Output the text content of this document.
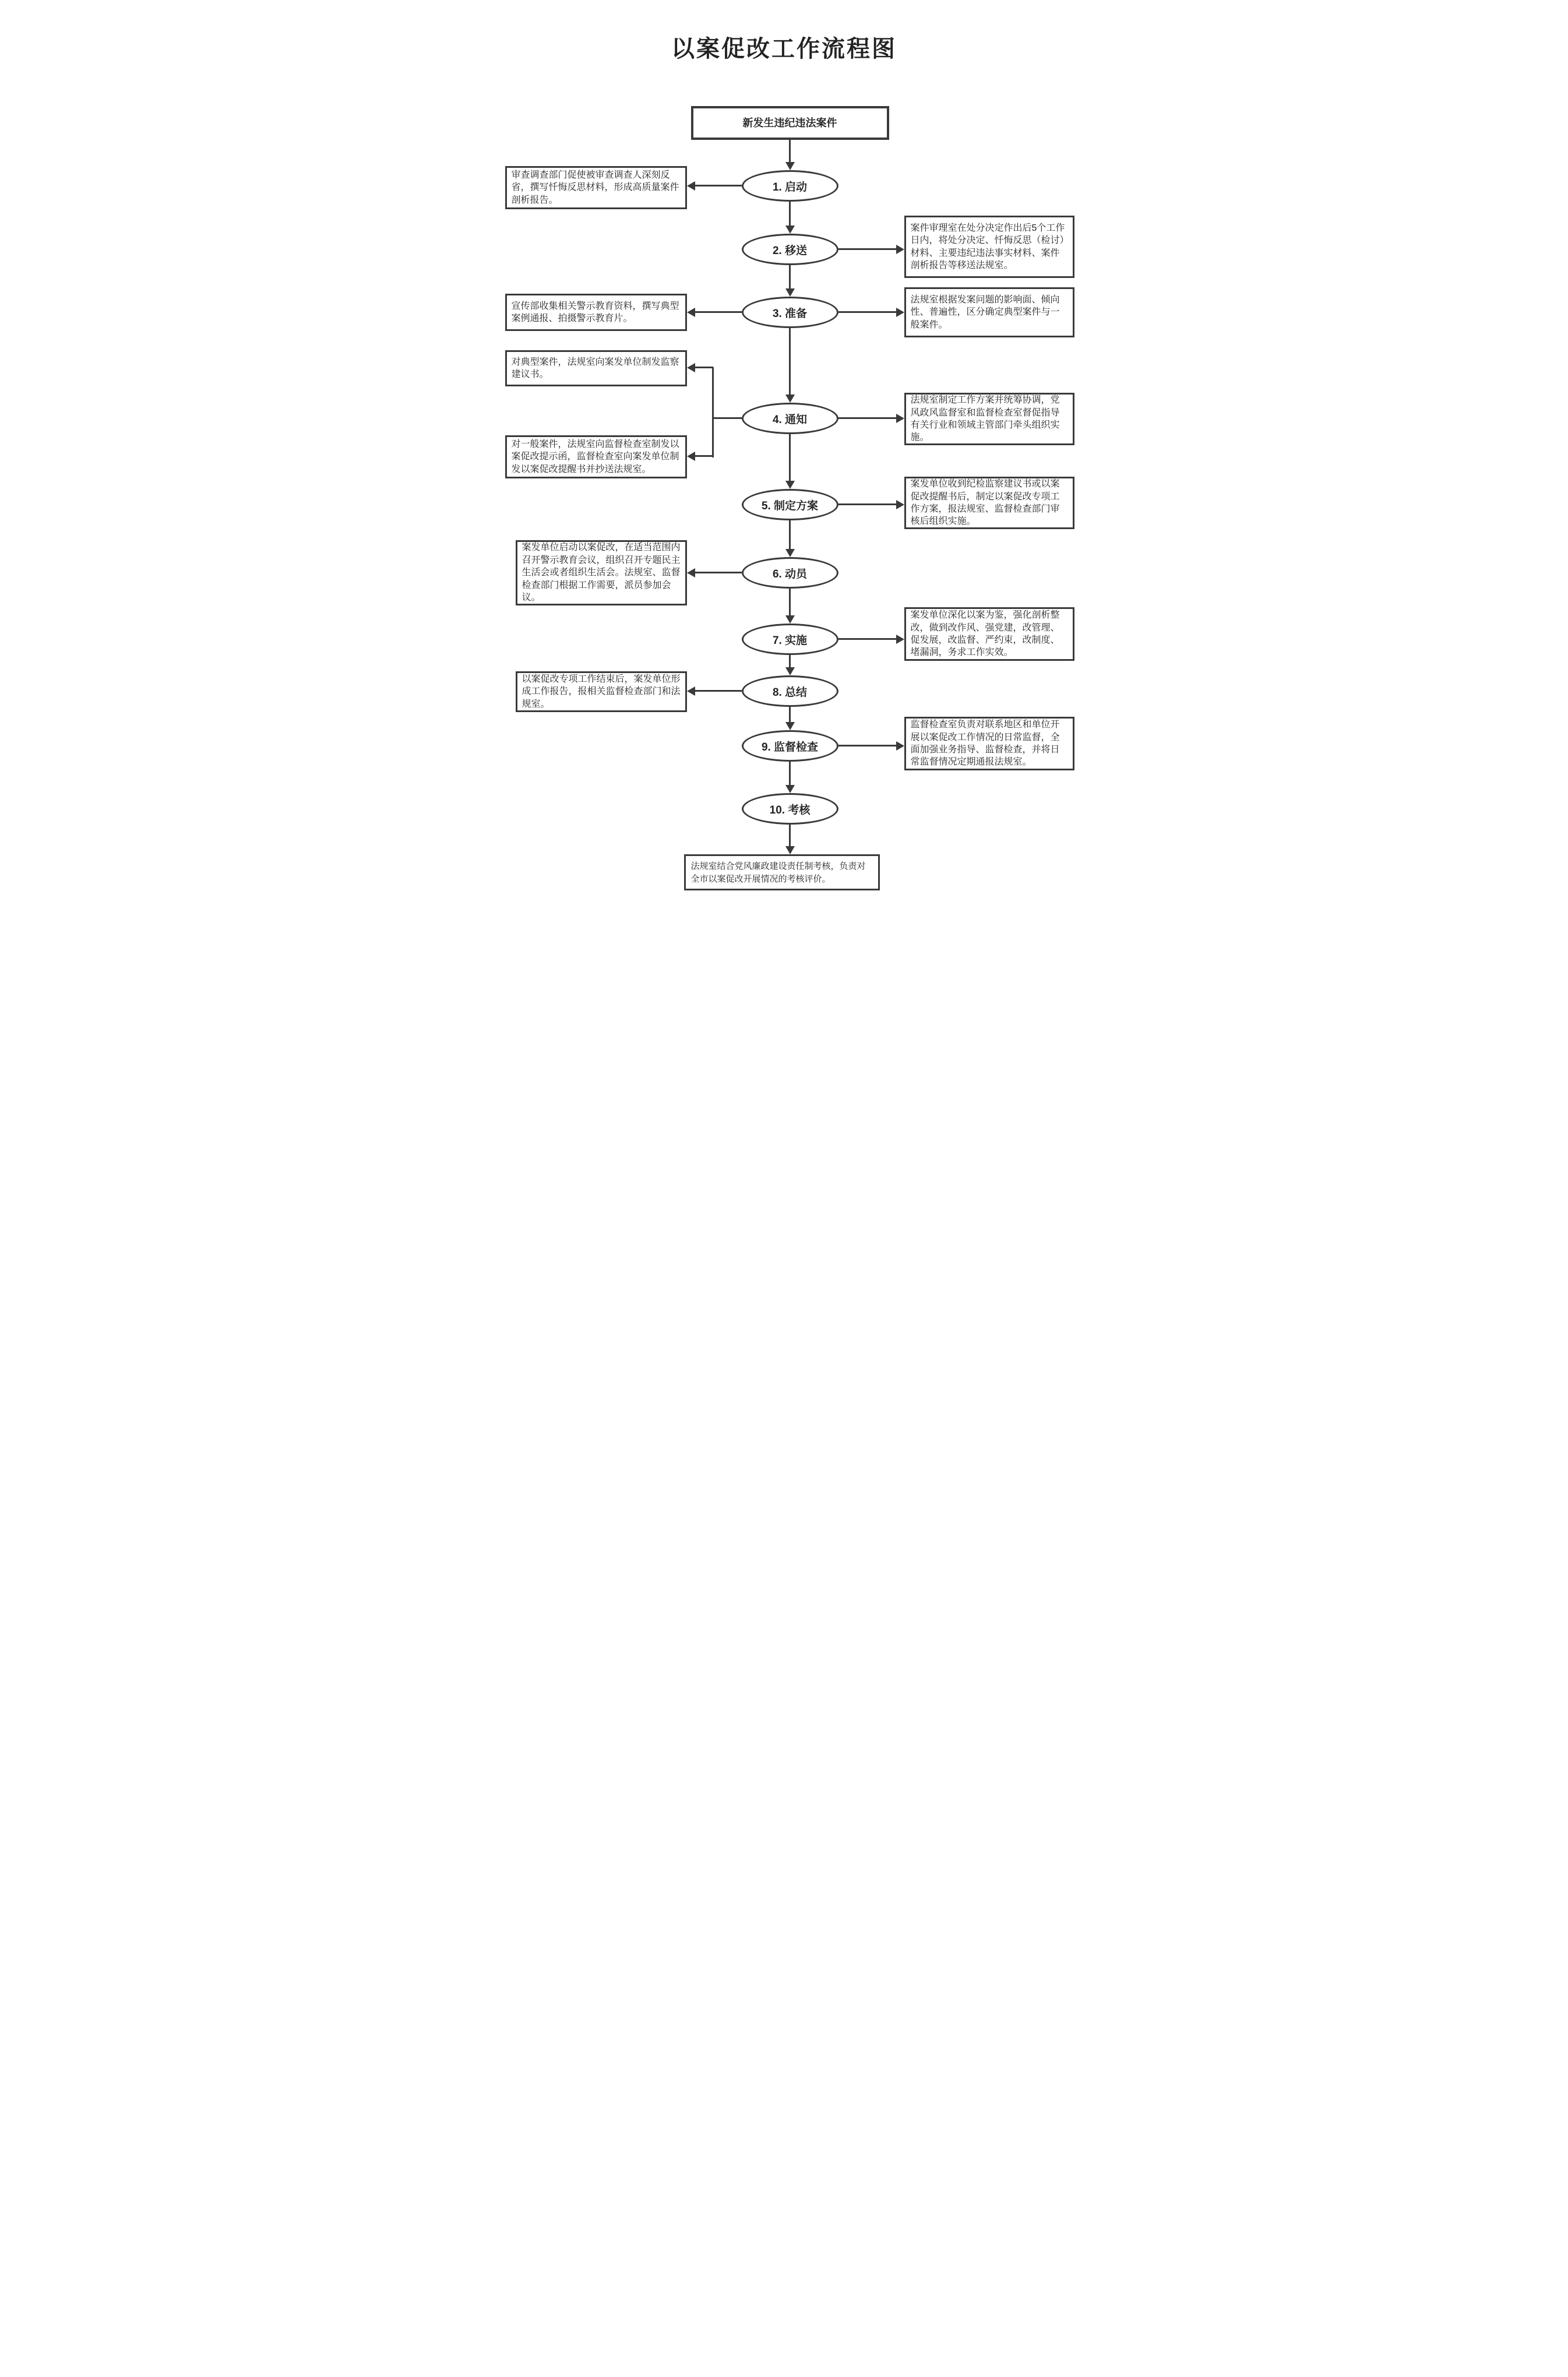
以案促改工作流程图
新发生违纪违法案件
1. 启动
2. 移送
3. 准备
4. 通知
5. 制定方案
6. 动员
7. 实施
8. 总结
9. 监督检查
10. 考核
审查调查部门促使被审查调查人深刻反省，撰写忏悔反思材料，形成高质量案件剖析报告。
宣传部收集相关警示教育资料，撰写典型案例通报、拍摄警示教育片。
对典型案件，法规室向案发单位制发监察建议书。
对一般案件，法规室向监督检查室制发以案促改提示函，监督检查室向案发单位制发以案促改提醒书并抄送法规室。
案发单位启动以案促改，在适当范围内召开警示教育会议，组织召开专题民主生活会或者组织生活会。法规室、监督检查部门根据工作需要，派员参加会议。
以案促改专项工作结束后，案发单位形成工作报告，报相关监督检查部门和法规室。
案件审理室在处分决定作出后5个工作日内，将处分决定、忏悔反思（检讨）材料、主要违纪违法事实材料、案件剖析报告等移送法规室。
法规室根据发案问题的影响面、倾向性、普遍性，区分确定典型案件与一般案件。
法规室制定工作方案并统筹协调，党风政风监督室和监督检查室督促指导有关行业和领域主管部门牵头组织实施。
案发单位收到纪检监察建议书或以案促改提醒书后，制定以案促改专项工作方案，报法规室、监督检查部门审核后组织实施。
案发单位深化以案为鉴，强化剖析整改，做到改作风、强党建，改管理、促发展，改监督、严约束，改制度、堵漏洞，务求工作实效。
监督检查室负责对联系地区和单位开展以案促改工作情况的日常监督，全面加强业务指导、监督检查，并将日常监督情况定期通报法规室。
法规室结合党风廉政建设责任制考核，负责对全市以案促改开展情况的考核评价。
